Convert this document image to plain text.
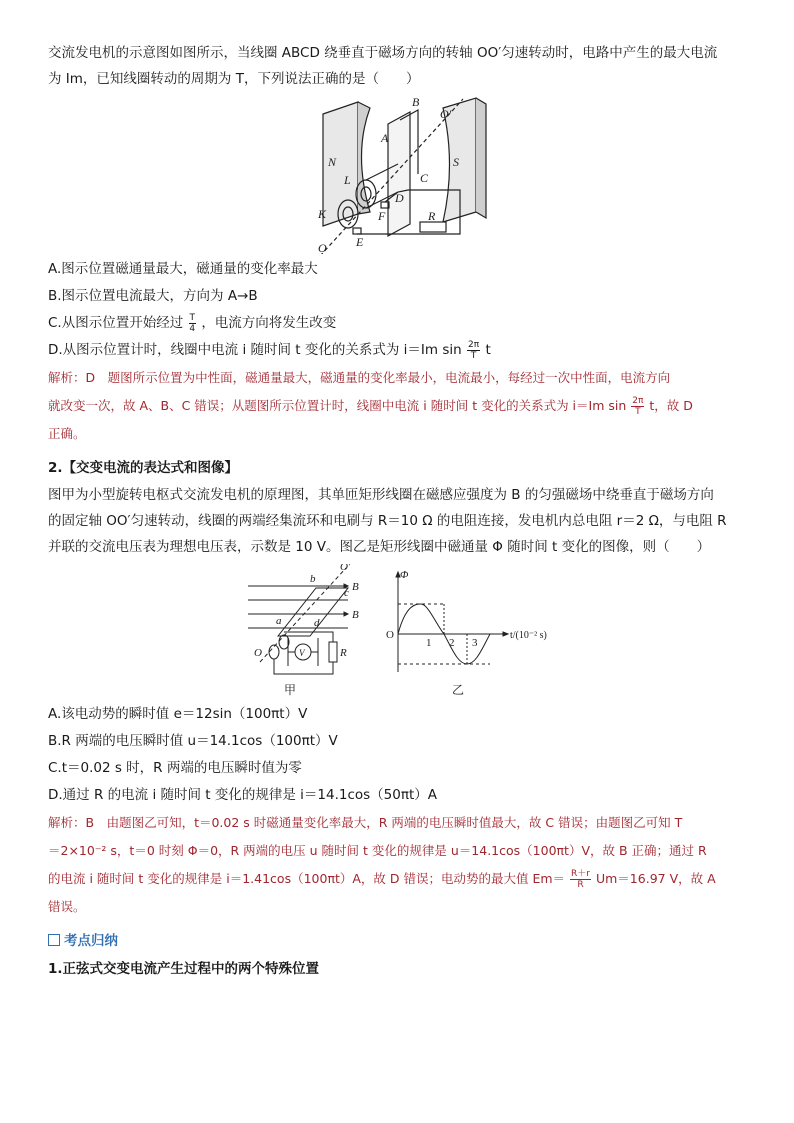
交流发电机的示意图如图所示，当线圈 ABCD 绕垂直于磁场方向的转轴 OO′匀速转动时，电路中产生的最大电流

为 Im，已知线圈转动的周期为 T，下列说法正确的是（　　）

N	S
A
B
C
D
E
F
K
L
O
O′
R

A.图示位置磁通量最大，磁通量的变化率最大

B.图示位置电流最大，方向为 A→B

C.从图示位置开始经过 $\frac{T}{4}$ ，电流方向将发生改变

D.从图示位置计时，线圈中电流 i 随时间 t 变化的关系式为 i＝Im $\sin \frac{2\pi}{T}$ t

解析：D　题图所示位置为中性面，磁通量最大，磁通量的变化率最小，电流最小，每经过一次中性面，电流方向

就改变一次，故 A、B、C 错误；从题图所示位置计时，线圈中电流 i 随时间 t 变化的关系式为 i＝Im $\sin \frac{2\pi}{T}$ t，故 D

正确。

2.【交变电流的表达式和图像】

图甲为小型旋转电枢式交流发电机的原理图，其单匝矩形线圈在磁感应强度为 B 的匀强磁场中绕垂直于磁场方向

的固定轴 OO′匀速转动，线圈的两端经集流环和电刷与 R＝10 Ω 的电阻连接，发电机内总电阻 r＝2 Ω，与电阻 R

并联的交流电压表为理想电压表，示数是 10 V。图乙是矩形线圈中磁通量 Φ 随时间 t 变化的图像，则（　　）

O′
b
c B
B
a	d
O	V	R
甲
Φ
O
1 2 3
t/(10⁻² s)
乙

A.该电动势的瞬时值 e＝12sin（100πt）V

B.R 两端的电压瞬时值 u＝14.1cos（100πt）V

C.t＝0.02 s 时，R 两端的电压瞬时值为零

D.通过 R 的电流 i 随时间 t 变化的规律是 i＝14.1cos（50πt）A

解析：B　由题图乙可知，t＝0.02 s 时磁通量变化率最大，R 两端的电压瞬时值最大，故 C 错误；由题图乙可知 T

＝2×10⁻² s，t＝0 时刻 Φ＝0，R 两端的电压 u 随时间 t 变化的规律是 u＝14.1cos（100πt）V，故 B 正确；通过 R

的电流 i 随时间 t 变化的规律是 i＝1.41cos（100πt）A，故 D 错误；电动势的最大值 $Em= \frac{R+r}{R} Um=16.97$ V，故 A

错误。

考点归纳

1.正弦式交变电流产生过程中的两个特殊位置
